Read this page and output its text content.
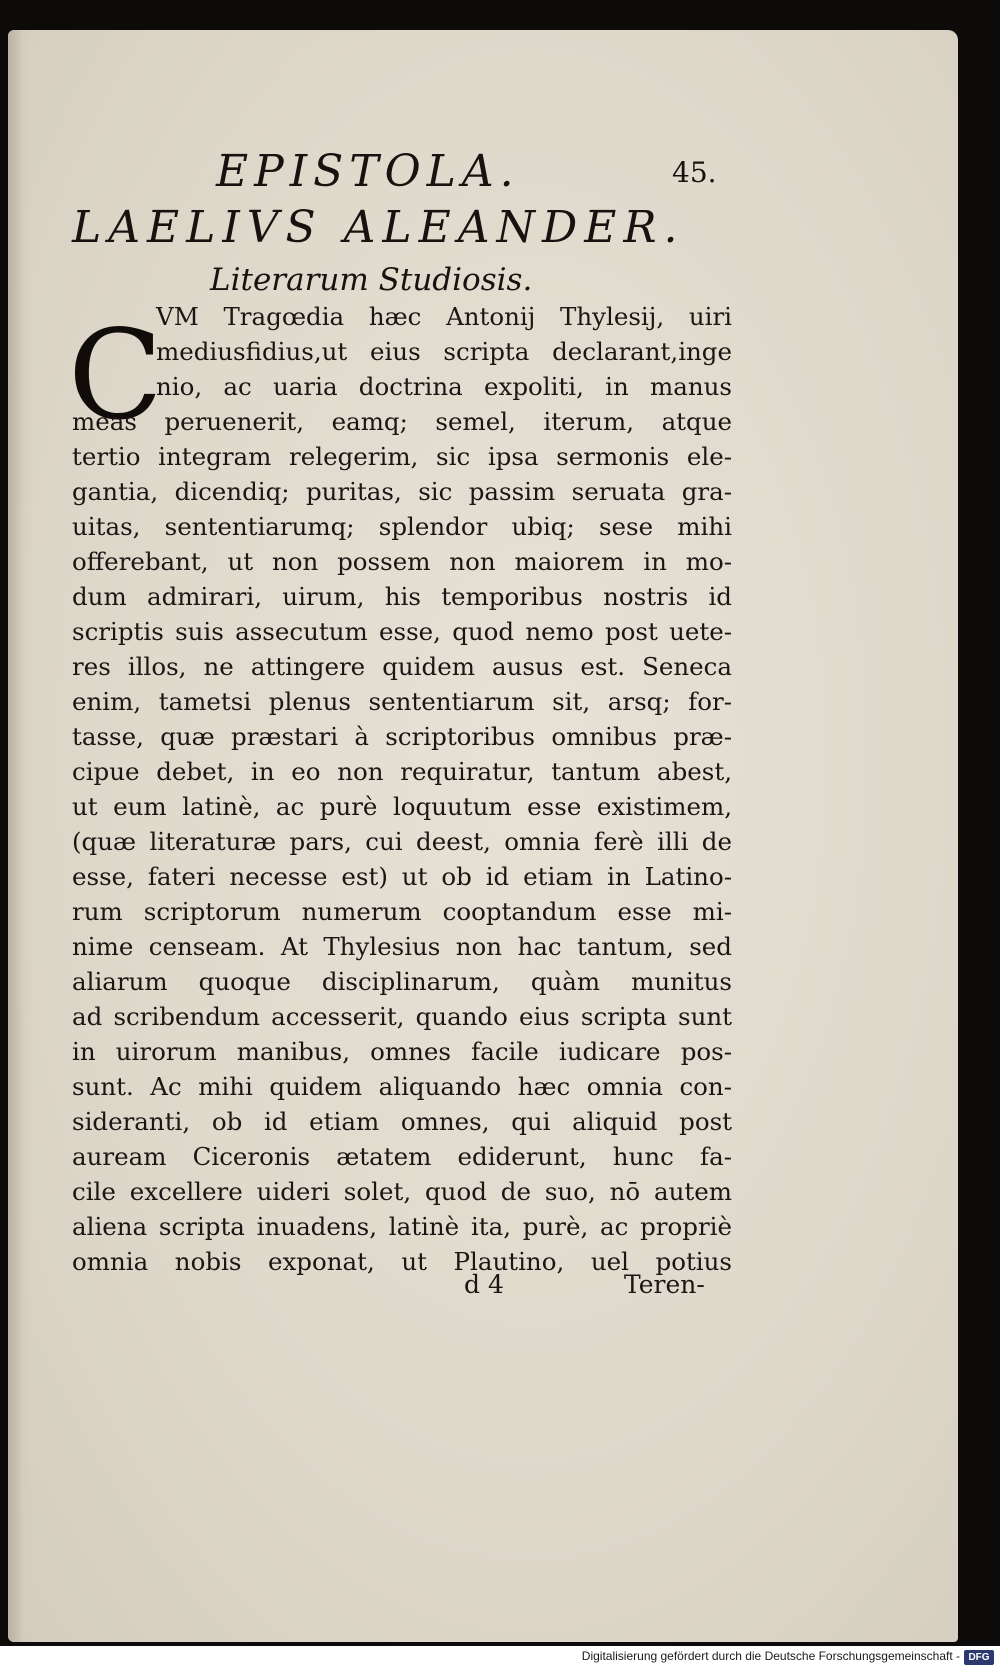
EPISTOLA.	45.
LAELIVS ALEANDER.
Literarum Studiosis.
C
VM Tragœdia hæc Antonij Thylesij, uiri
mediusfidius,ut eius scripta declarant,inge
nio, ac uaria doctrina expoliti, in manus
meas peruenerit, eamq; semel, iterum, atque
tertio integram relegerim, sic ipsa sermonis ele-
gantia, dicendiq; puritas, sic passim seruata gra-
uitas, sententiarumq; splendor ubiq; sese mihi
offerebant, ut non possem non maiorem in mo-
dum admirari, uirum, his temporibus nostris id
scriptis suis assecutum esse, quod nemo post uete-
res illos, ne attingere quidem ausus est. Seneca
enim, tametsi plenus sententiarum sit, arsq; for-
tasse, quæ præstari à scriptoribus omnibus præ-
cipue debet, in eo non requiratur, tantum abest,
ut eum latinè, ac purè loquutum esse existimem,
(quæ literaturæ pars, cui deest, omnia ferè illi de
esse, fateri necesse est) ut ob id etiam in Latino-
rum scriptorum numerum cooptandum esse mi-
nime censeam. At Thylesius non hac tantum, sed
aliarum quoque disciplinarum, quàm munitus
ad scribendum accesserit, quando eius scripta sunt
in uirorum manibus, omnes facile iudicare pos-
sunt. Ac mihi quidem aliquando hæc omnia con-
sideranti, ob id etiam omnes, qui aliquid post
auream Ciceronis ætatem ediderunt, hunc fa-
cile excellere uideri solet, quod de suo, nō autem
aliena scripta inuadens, latinè ita, purè, ac propriè
omnia nobis exponat, ut Plautino, uel potius
d 4	Teren-
Digitalisierung gefördert durch die Deutsche Forschungsgemeinschaft - DFG
